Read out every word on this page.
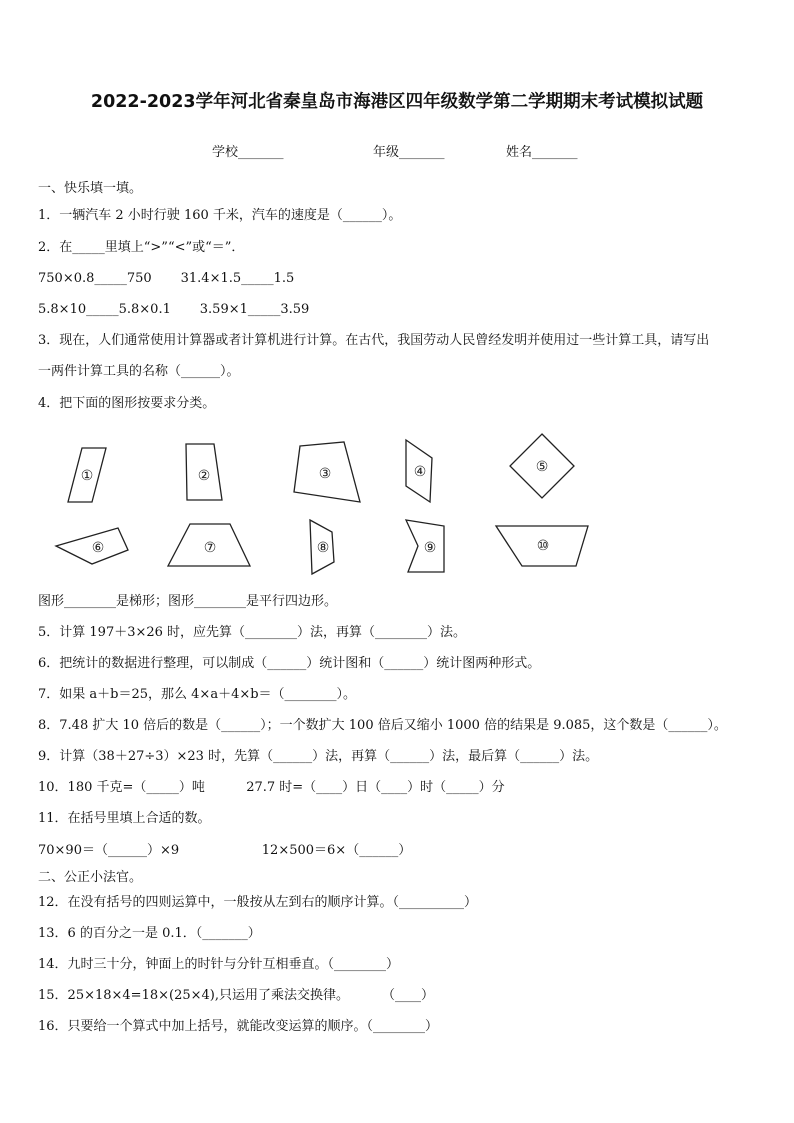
2022-2023学年河北省秦皇岛市海港区四年级数学第二学期期末考试模拟试题
学校_______	年级_______	姓名_______
一、快乐填一填。
1．一辆汽车 2 小时行驶 160 千米，汽车的速度是（______）。
2．在_____里填上“>”“<”或“＝”．
750×0.8_____750       31.4×1.5_____1.5
5.8×10_____5.8×0.1       3.59×1_____3.59
3．现在，人们通常使用计算器或者计算机进行计算。在古代，我国劳动人民曾经发明并使用过一些计算工具，请写出
一两件计算工具的名称（______）。
4．把下面的图形按要求分类。
①	②	③	④	⑤
⑥	⑦	⑧	⑨	⑩
图形________是梯形；图形________是平行四边形。
5．计算 197＋3×26 时，应先算（________）法，再算（________）法。
6．把统计的数据进行整理，可以制成（______）统计图和（______）统计图两种形式。
7．如果 a＋b＝25，那么 4×a＋4×b＝（________）。
8．7.48 扩大 10 倍后的数是（______）；一个数扩大 100 倍后又缩小 1000 倍的结果是 9.085，这个数是（______）。
9．计算（38＋27÷3）×23 时，先算（______）法，再算（______）法，最后算（______）法。
10．180 千克=（_____）吨          27.7 时=（____）日（____）时（_____）分
11．在括号里填上合适的数。
70×90＝（______）×9                    12×500＝6×（______）
二、公正小法官。
12．在没有括号的四则运算中，一般按从左到右的顺序计算。（__________）
13．6 的百分之一是 0.1．（_______）
14．九时三十分，钟面上的时针与分针互相垂直。（________）
15．25×18×4=18×(25×4),只运用了乘法交换律。        （____）
16．只要给一个算式中加上括号，就能改变运算的顺序。（________）
